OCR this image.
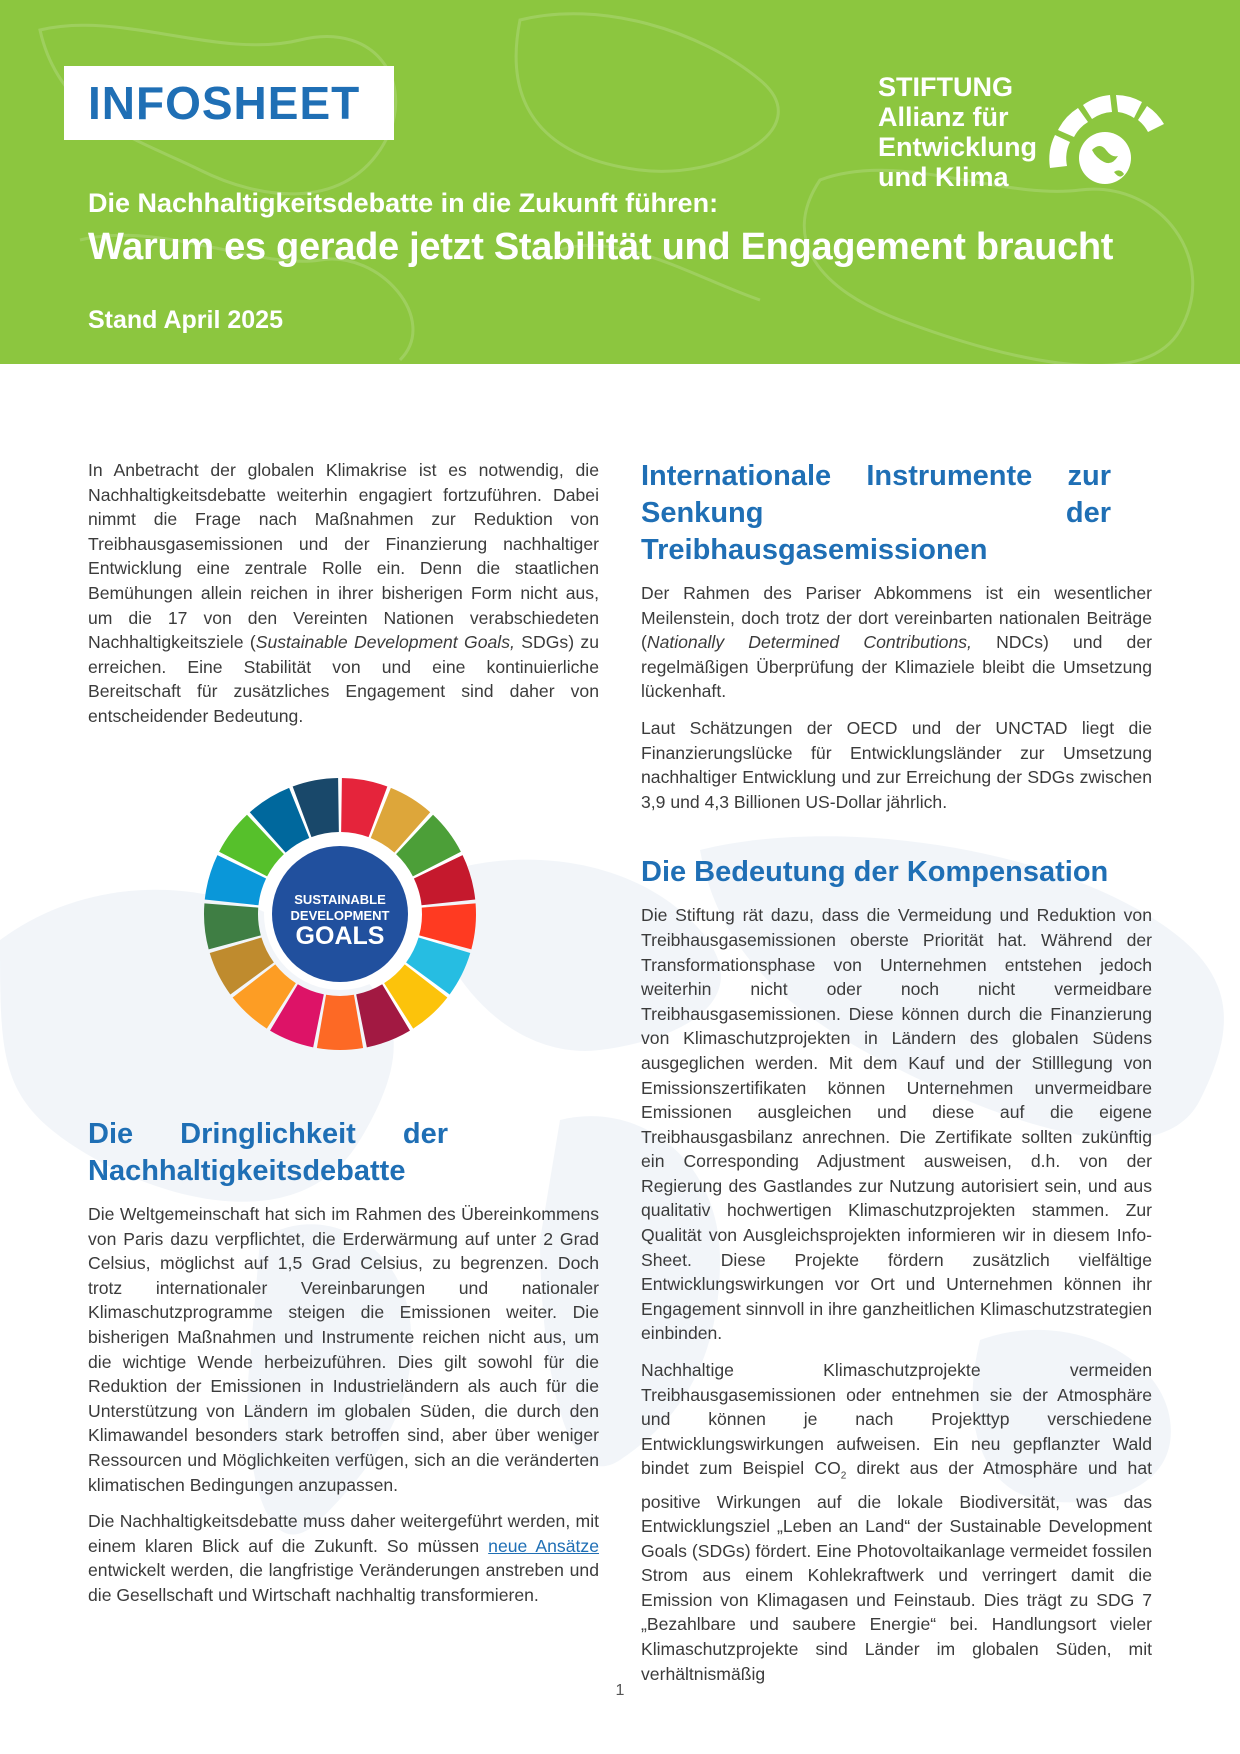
INFOSHEET	STIFTUNG
Allianz für
Entwicklung
und Klima
Die Nachhaltigkeitsdebatte in die Zukunft führen:
Warum es gerade jetzt Stabilität und Engagement braucht
Stand April 2025

In Anbetracht der globalen Klimakrise ist es notwendig, die Nachhaltigkeitsdebatte weiterhin engagiert fortzuführen. Dabei nimmt die Frage nach Maßnahmen zur Reduktion von Treibhausgasemissionen und der Finanzierung nachhaltiger Entwicklung eine zentrale Rolle ein. Denn die staatlichen Bemühungen allein reichen in ihrer bisherigen Form nicht aus, um die 17 von den Vereinten Nationen verabschiedeten Nachhaltigkeitsziele (Sustainable Development Goals, SDGs) zu erreichen. Eine Stabilität von und eine kontinuierliche Bereitschaft für zusätzliches Engagement sind daher von entscheidender Bedeutung.

SUSTAINABLE
DEVELOPMENT
GOALS
Die Dringlichkeit der Nachhaltigkeitsdebatte

Die Weltgemeinschaft hat sich im Rahmen des Übereinkommens von Paris dazu verpflichtet, die Erderwärmung auf unter 2 Grad Celsius, möglichst auf 1,5 Grad Celsius, zu begrenzen. Doch trotz internationaler Vereinbarungen und nationaler Klimaschutzprogramme steigen die Emissionen weiter. Die bisherigen Maßnahmen und Instrumente reichen nicht aus, um die wichtige Wende herbeizuführen. Dies gilt sowohl für die Reduktion der Emissionen in Industrieländern als auch für die Unterstützung von Ländern im globalen Süden, die durch den Klimawandel besonders stark betroffen sind, aber über weniger Ressourcen und Möglichkeiten verfügen, sich an die veränderten klimatischen Bedingungen anzupassen.

Die Nachhaltigkeitsdebatte muss daher weitergeführt werden, mit einem klaren Blick auf die Zukunft. So müssen neue Ansätze entwickelt werden, die langfristige Veränderungen anstreben und die Gesellschaft und Wirtschaft nachhaltig transformieren.

Internationale Instrumente zur Senkung der Treibhausgasemissionen

Der Rahmen des Pariser Abkommens ist ein wesentlicher Meilenstein, doch trotz der dort vereinbarten nationalen Beiträge (Nationally Determined Contributions, NDCs) und der regelmäßigen Überprüfung der Klimaziele bleibt die Umsetzung lückenhaft.

Laut Schätzungen der OECD und der UNCTAD liegt die Finanzierungslücke für Entwicklungsländer zur Umsetzung nachhaltiger Entwicklung und zur Erreichung der SDGs zwischen 3,9 und 4,3 Billionen US-Dollar jährlich.

Die Bedeutung der Kompensation

Die Stiftung rät dazu, dass die Vermeidung und Reduktion von Treibhausgasemissionen oberste Priorität hat. Während der Transformationsphase von Unternehmen entstehen jedoch weiterhin nicht oder noch nicht vermeidbare Treibhausgasemissionen. Diese können durch die Finanzierung von Klimaschutzprojekten in Ländern des globalen Südens ausgeglichen werden. Mit dem Kauf und der Stilllegung von Emissionszertifikaten können Unternehmen unvermeidbare Emissionen ausgleichen und diese auf die eigene Treibhausgasbilanz anrechnen. Die Zertifikate sollten zukünftig ein Corresponding Adjustment ausweisen, d.h. von der Regierung des Gastlandes zur Nutzung autorisiert sein, und aus qualitativ hochwertigen Klimaschutzprojekten stammen. Zur Qualität von Ausgleichsprojekten informieren wir in diesem Info-Sheet. Diese Projekte fördern zusätzlich vielfältige Entwicklungswirkungen vor Ort und Unternehmen können ihr Engagement sinnvoll in ihre ganzheitlichen Klimaschutzstrategien einbinden.

Nachhaltige Klimaschutzprojekte vermeiden Treibhausgasemissionen oder entnehmen sie der Atmosphäre und können je nach Projekttyp verschiedene Entwicklungswirkungen aufweisen. Ein neu gepflanzter Wald bindet zum Beispiel $CO_2$ direkt aus der Atmosphäre und hat positive Wirkungen auf die lokale Biodiversität, was das Entwicklungsziel „Leben an Land“ der Sustainable Development Goals (SDGs) fördert. Eine Photovoltaikanlage vermeidet fossilen Strom aus einem Kohlekraftwerk und verringert damit die Emission von Klimagasen und Feinstaub. Dies trägt zu SDG 7 „Bezahlbare und saubere Energie“ bei. Handlungsort vieler Klimaschutzprojekte sind Länder im globalen Süden, mit verhältnismäßig

1
